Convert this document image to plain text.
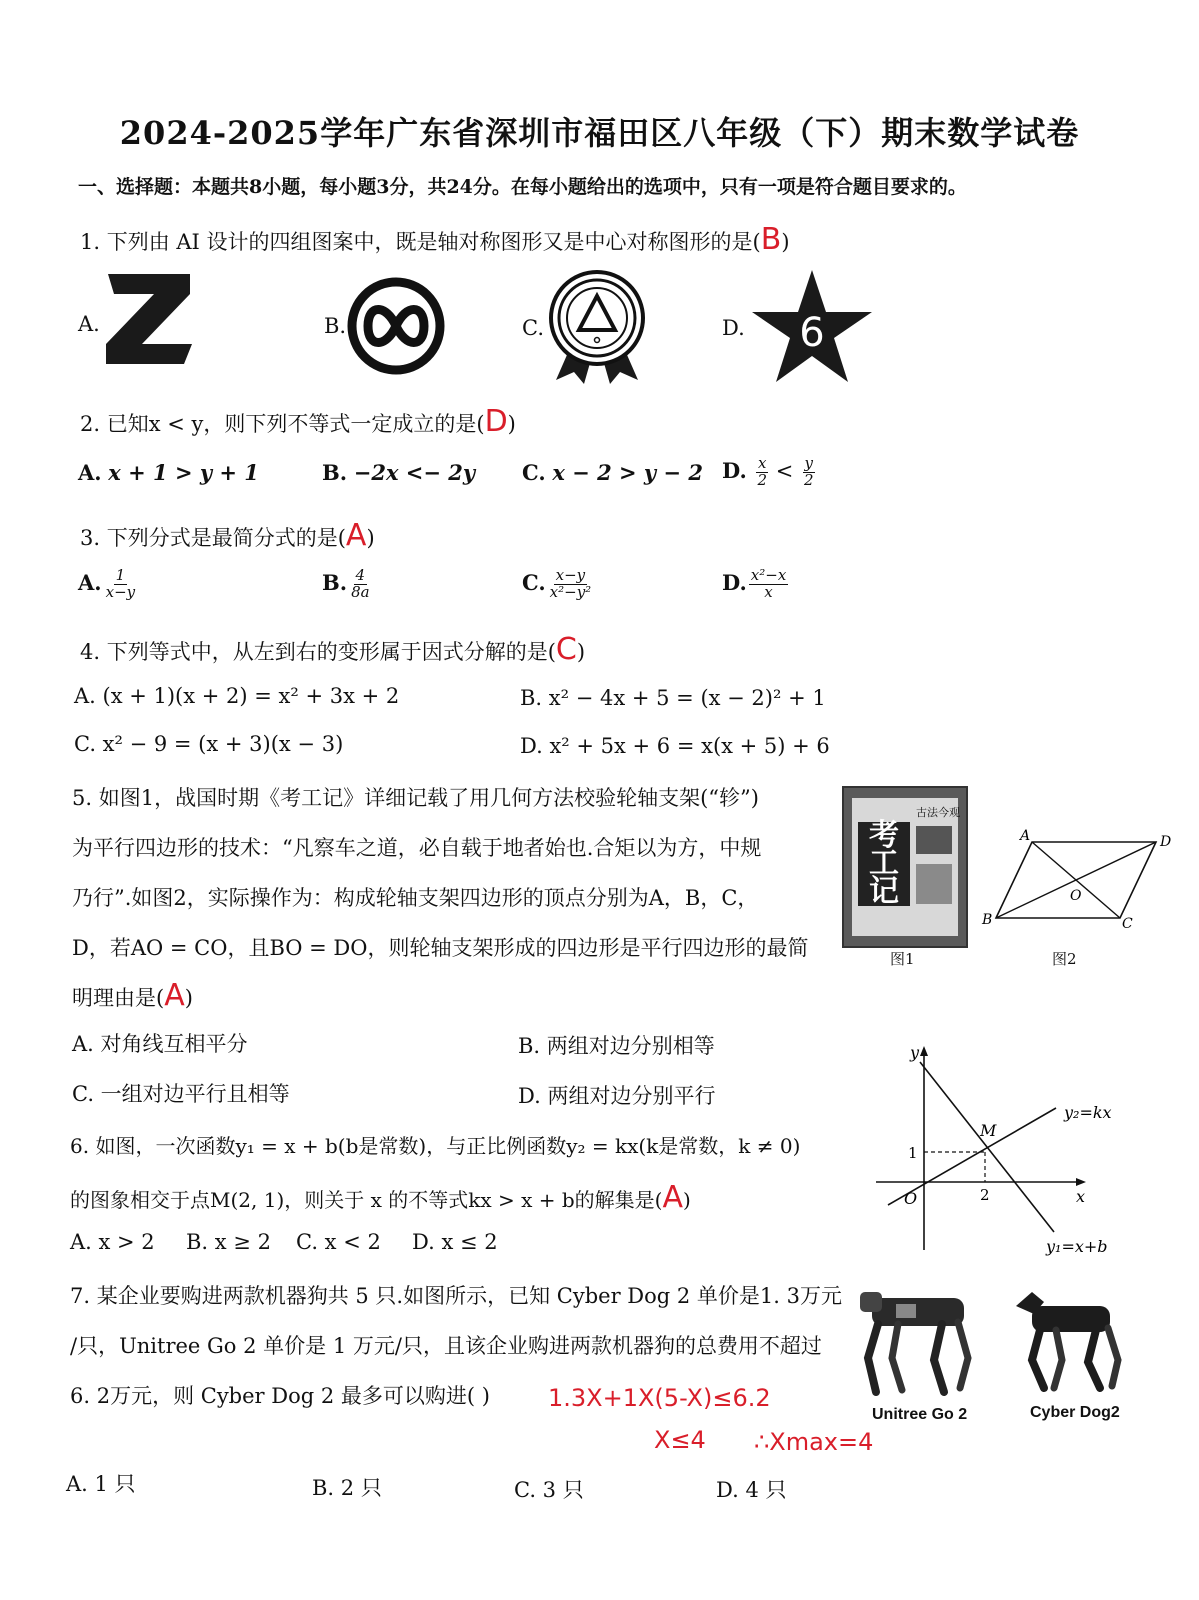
2024-2025学年广东省深圳市福田区八年级（下）期末数学试卷
一、选择题：本题共8小题，每小题3分，共24分。在每小题给出的选项中，只有一项是符合题目要求的。
1. 下列由 AI 设计的四组图案中，既是轴对称图形又是中心对称图形的是(B)
A.	B.	C.	D. 6
2. 已知x < y，则下列不等式一定成立的是(D)
A. x + 1 > y + 1	B. −2x <− 2y C. x − 2 > y − 2 D. $\frac{x}{2} < \frac{y}{2}$
3. 下列分式是最简分式的是(A)
A. $\frac{1}{x-y}$	B. $\frac{4}{8a}$	C. $\frac{x-y}{\text{x²−y²}}$	D. $\frac{\text{x²−x}}{x}$
4. 下列等式中，从左到右的变形属于因式分解的是(C)
A. (x + 1)(x + 2) = x² + 3x + 2	B. x² − 4x + 5 = (x − 2)² + 1
C. x² − 9 = (x + 3)(x − 3)	D. x² + 5x + 6 = x(x + 5) + 6
5. 如图1，战国时期《考工记》详细记载了用几何方法校验轮轴支架(“轸”)
为平行四边形的技术：“凡察车之道，必自载于地者始也.合矩以为方，中规
乃行”.如图2，实际操作为：构成轮轴支架四边形的顶点分别为A，B，C，
D，若AO = CO，且BO = DO，则轮轴支架形成的四边形是平行四边形的最简
明理由是(A)
考工记
古法 今观
图1
A	D
B	C
O
图2
A. 对角线互相平分	B. 两组对边分别相等
C. 一组对边平行且相等	D. 两组对边分别平行
6. 如图，一次函数y₁ = x + b(b是常数)，与正比例函数y₂ = kx(k是常数，k ≠ 0)
的图象相交于点M(2, 1)，则关于 x 的不等式kx > x + b的解集是(A)
A. x > 2 B. x ≥ 2 C. x < 2 D. x ≤ 2
y
x
O
1
2
M
y₂=kx
y₁=x+b
7. 某企业要购进两款机器狗共 5 只.如图所示，已知 Cyber Dog 2 单价是1. 3万元
/只，Unitree Go 2 单价是 1 万元/只，且该企业购进两款机器狗的总费用不超过
6. 2万元，则 Cyber Dog 2 最多可以购进( ) 1.3X+1X(5-X)≤6.2
X≤4 ∴Xmax=4
Unitree Go 2	Cyber Dog2
A. 1 只	B. 2 只	C. 3 只	D. 4 只
